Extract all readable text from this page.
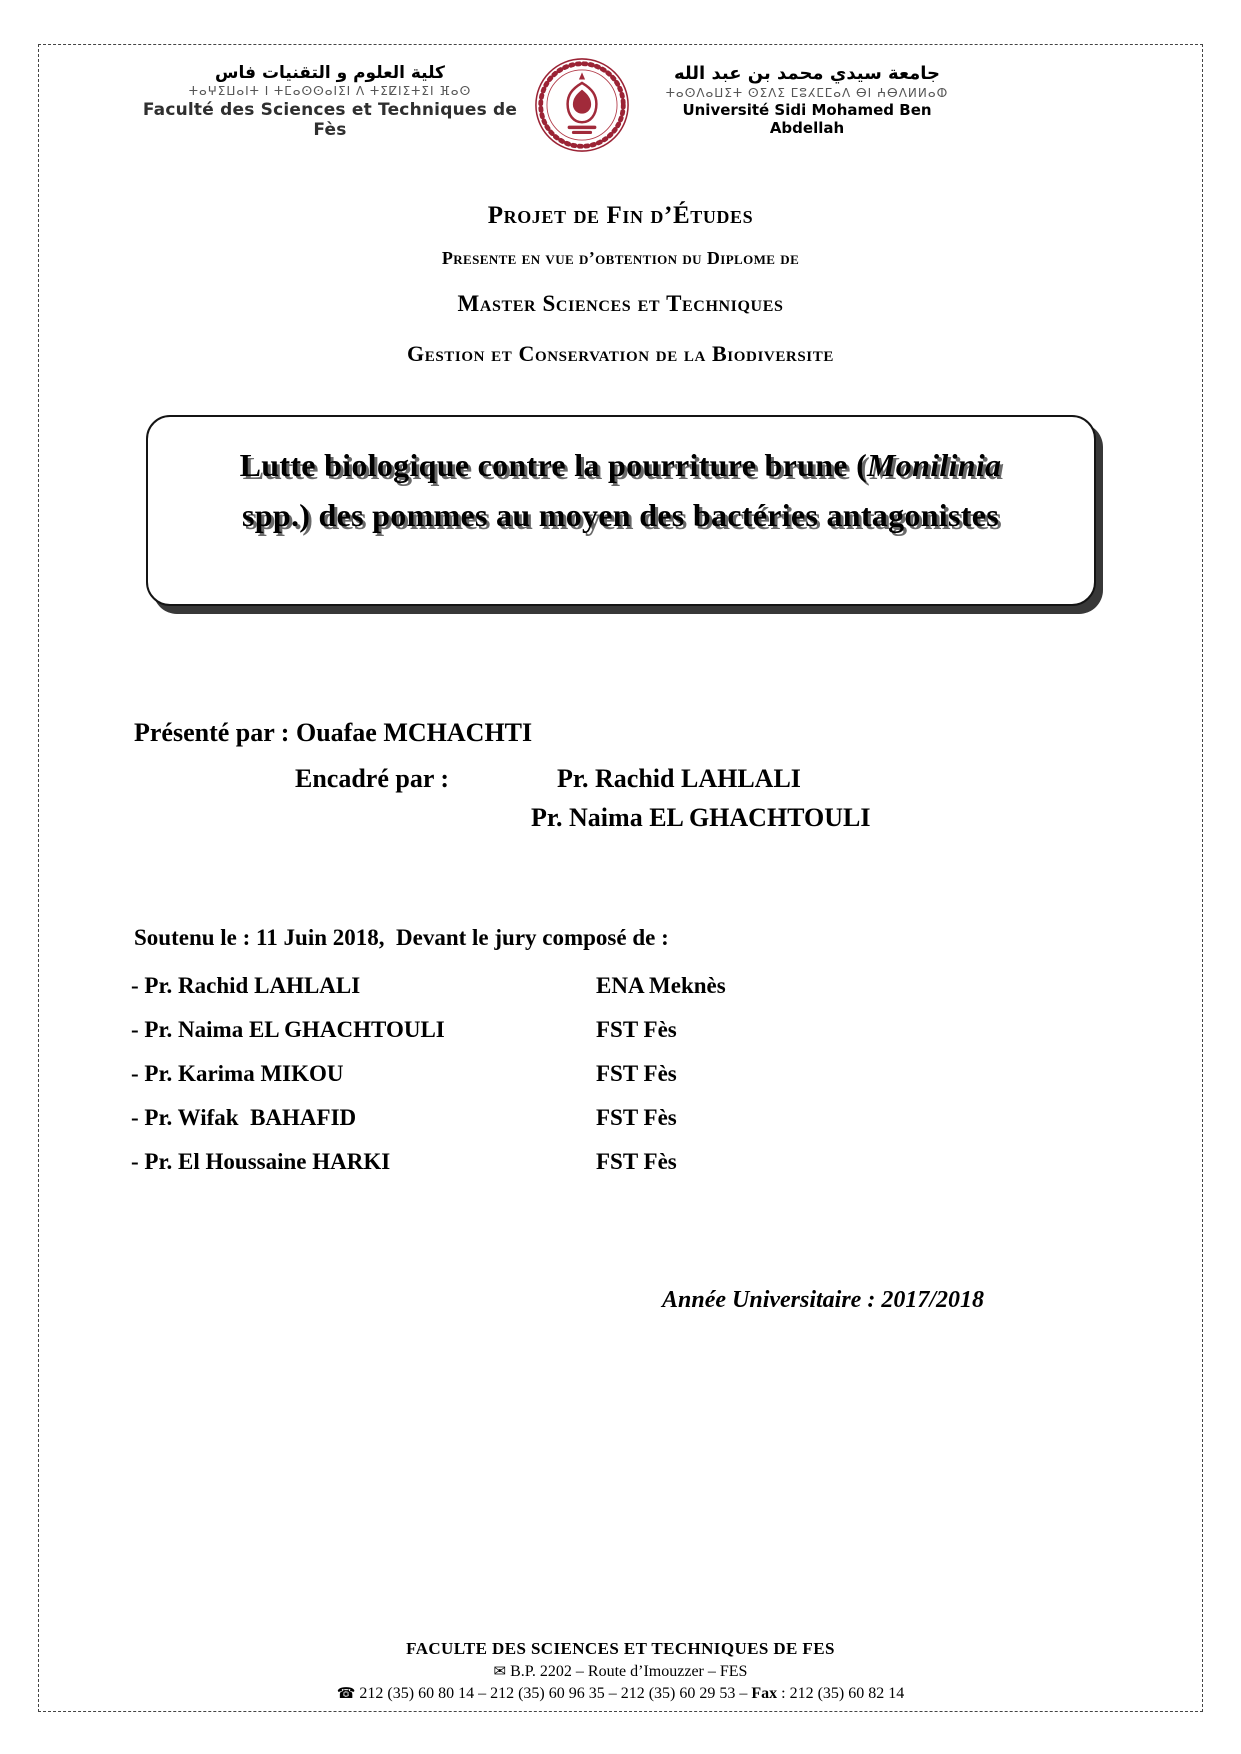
كلية العلوم و التقنيات فاس
ⵜⴰⵖⵉⵡⴰⵏⵜ ⵏ ⵜⵎⴰⵙⵙⴰⵏⵉⵏ ⴷ ⵜⵉⵇⵏⵉⵜⵉⵏ ⴼⴰⵙ
Faculté des Sciences et Techniques de Fès
جامعة سيدي محمد بن عبد الله
ⵜⴰⵙⴷⴰⵡⵉⵜ ⵙⵉⴷⵉ ⵎⵓⵃⵎⵎⴰⴷ ⴱⵏ ⵄⴱⴷⵍⵍⴰⵀ
Université Sidi Mohamed Ben Abdellah
Projet de Fin d’Études
Presente en vue d’obtention du Diplome de
Master Sciences et Techniques
Gestion et Conservation de la Biodiversite
Lutte biologique contre la pourriture brune (Monilinia
spp.) des pommes au moyen des bactéries antagonistes
Présenté par : Ouafae MCHACHTI
Encadré par :	Pr. Rachid LAHLALI
Pr. Naima EL GHACHTOULI
Soutenu le : 11 Juin 2018,  Devant le jury composé de :
- Pr. Rachid LAHLALI	ENA Meknès
- Pr. Naima EL GHACHTOULI	FST Fès
- Pr. Karima MIKOU	FST Fès
- Pr. Wifak  BAHAFID	FST Fès
- Pr. El Houssaine HARKI	FST Fès
Année Universitaire : 2017/2018
FACULTE DES SCIENCES ET TECHNIQUES DE FES
✉ B.P. 2202 – Route d’Imouzzer – FES
☎ 212 (35) 60 80 14 – 212 (35) 60 96 35 – 212 (35) 60 29 53 – Fax : 212 (35) 60 82 14
